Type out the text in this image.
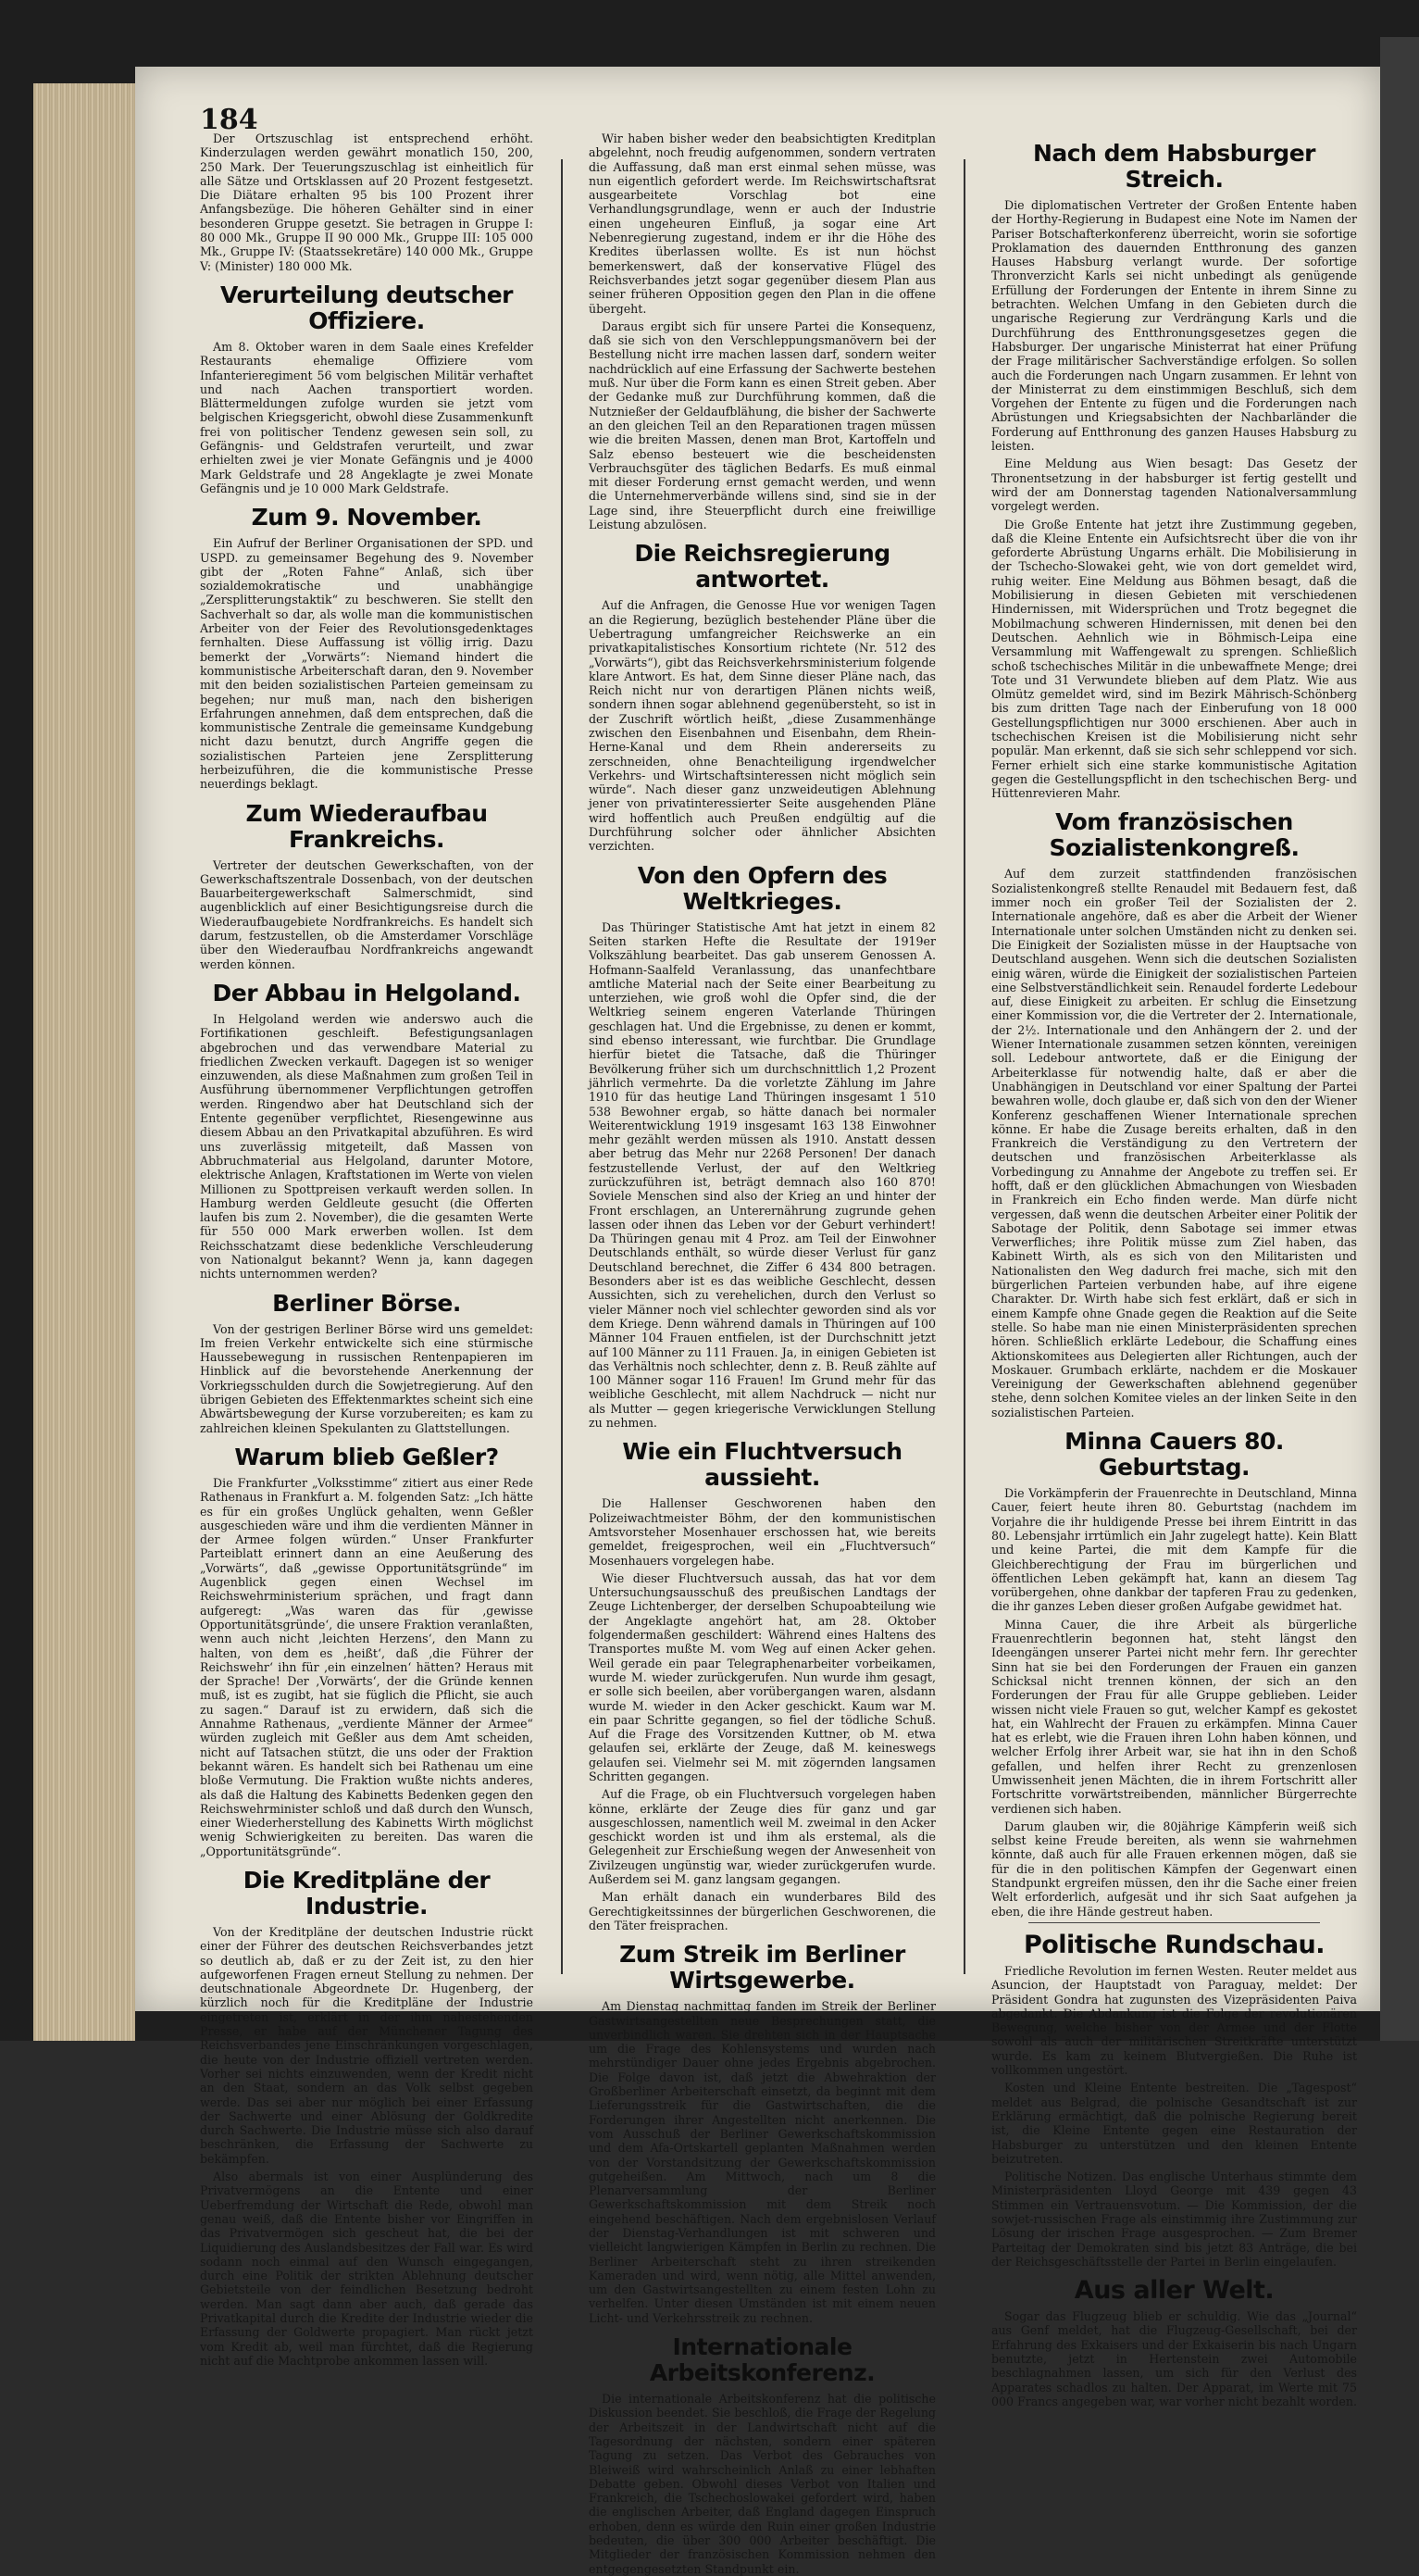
184

Der Ortszuschlag ist entsprechend erhöht. Kinderzulagen werden gewährt monatlich 150, 200, 250 Mark. Der Teuerungszuschlag ist einheitlich für alle Sätze und Ortsklassen auf 20 Prozent festgesetzt. Die Diätare erhalten 95 bis 100 Prozent ihrer Anfangsbezüge. Die höheren Gehälter sind in einer besonderen Gruppe gesetzt. Sie betragen in Gruppe I: 80 000 Mk., Gruppe II 90 000 Mk., Gruppe III: 105 000 Mk., Gruppe IV: (Staatssekretäre) 140 000 Mk., Gruppe V: (Minister) 180 000 Mk.

Verurteilung deutscher Offiziere.

Am 8. Oktober waren in dem Saale eines Krefelder Restaurants ehemalige Offiziere vom Infanterieregiment 56 vom belgischen Militär verhaftet und nach Aachen transportiert worden. Blättermeldungen zufolge wurden sie jetzt vom belgischen Kriegsgericht, obwohl diese Zusammenkunft frei von politischer Tendenz gewesen sein soll, zu Gefängnis- und Geldstrafen verurteilt, und zwar erhielten zwei je vier Monate Gefängnis und je 4000 Mark Geldstrafe und 28 Angeklagte je zwei Monate Gefängnis und je 10 000 Mark Geldstrafe.

Zum 9. November.

Ein Aufruf der Berliner Organisationen der SPD. und USPD. zu gemeinsamer Begehung des 9. November gibt der „Roten Fahne“ Anlaß, sich über sozialdemokratische und unabhängige „Zersplitterungstaktik“ zu beschweren. Sie stellt den Sachverhalt so dar, als wolle man die kommunistischen Arbeiter von der Feier des Revolutionsgedenktages fernhalten. Diese Auffassung ist völlig irrig. Dazu bemerkt der „Vorwärts“: Niemand hindert die kommunistische Arbeiterschaft daran, den 9. November mit den beiden sozialistischen Parteien gemeinsam zu begehen; nur muß man, nach den bisherigen Erfahrungen annehmen, daß dem entsprechen, daß die kommunistische Zentrale die gemeinsame Kundgebung nicht dazu benutzt, durch Angriffe gegen die sozialistischen Parteien jene Zersplitterung herbeizuführen, die die kommunistische Presse neuerdings beklagt.

Zum Wiederaufbau Frankreichs.

Vertreter der deutschen Gewerkschaften, von der Gewerkschaftszentrale Dossenbach, von der deutschen Bauarbeitergewerkschaft Salmerschmidt, sind augenblicklich auf einer Besichtigungsreise durch die Wiederaufbaugebiete Nordfrankreichs. Es handelt sich darum, festzustellen, ob die Amsterdamer Vorschläge über den Wiederaufbau Nordfrankreichs angewandt werden können.

Der Abbau in Helgoland.

In Helgoland werden wie anderswo auch die Fortifikationen geschleift. Befestigungsanlagen abgebrochen und das verwendbare Material zu friedlichen Zwecken verkauft. Dagegen ist so weniger einzuwenden, als diese Maßnahmen zum großen Teil in Ausführung übernommener Verpflichtungen getroffen werden. Ringendwo aber hat Deutschland sich der Entente gegenüber verpflichtet, Riesengewinne aus diesem Abbau an den Privatkapital abzuführen. Es wird uns zuverlässig mitgeteilt, daß Massen von Abbruchmaterial aus Helgoland, darunter Motore, elektrische Anlagen, Kraftstationen im Werte von vielen Millionen zu Spottpreisen verkauft werden sollen. In Hamburg werden Geldleute gesucht (die Offerten laufen bis zum 2. November), die die gesamten Werte für 550 000 Mark erwerben wollen. Ist dem Reichsschatzamt diese bedenkliche Verschleuderung von Nationalgut bekannt? Wenn ja, kann dagegen nichts unternommen werden?

Berliner Börse.

Von der gestrigen Berliner Börse wird uns gemeldet: Im freien Verkehr entwickelte sich eine stürmische Haussebewegung in russischen Rentenpapieren im Hinblick auf die bevorstehende Anerkennung der Vorkriegsschulden durch die Sowjetregierung. Auf den übrigen Gebieten des Effektenmarktes scheint sich eine Abwärtsbewegung der Kurse vorzubereiten; es kam zu zahlreichen kleinen Spekulanten zu Glattstellungen.

Warum blieb Geßler?

Die Frankfurter „Volksstimme“ zitiert aus einer Rede Rathenaus in Frankfurt a. M. folgenden Satz: „Ich hätte es für ein großes Unglück gehalten, wenn Geßler ausgeschieden wäre und ihm die verdienten Männer in der Armee folgen würden.“ Unser Frankfurter Parteiblatt erinnert dann an eine Aeußerung des „Vorwärts“, daß „gewisse Opportunitätsgründe“ im Augenblick gegen einen Wechsel im Reichswehrministerium sprächen, und fragt dann aufgeregt: „Was waren das für ‚gewisse Opportunitätsgründe‘, die unsere Fraktion veranlaßten, wenn auch nicht ‚leichten Herzens‘, den Mann zu halten, von dem es ‚heißt‘, daß ‚die Führer der Reichswehr‘ ihn für ‚ein einzelnen‘ hätten? Heraus mit der Sprache! Der ‚Vorwärts‘, der die Gründe kennen muß, ist es zugibt, hat sie füglich die Pflicht, sie auch zu sagen.“ Darauf ist zu erwidern, daß sich die Annahme Rathenaus, „verdiente Männer der Armee“ würden zugleich mit Geßler aus dem Amt scheiden, nicht auf Tatsachen stützt, die uns oder der Fraktion bekannt wären. Es handelt sich bei Rathenau um eine bloße Vermutung. Die Fraktion wußte nichts anderes, als daß die Haltung des Kabinetts Bedenken gegen den Reichswehrminister schloß und daß durch den Wunsch, einer Wiederherstellung des Kabinetts Wirth möglichst wenig Schwierigkeiten zu bereiten. Das waren die „Opportunitätsgründe“.

Die Kreditpläne der Industrie.

Von der Kreditpläne der deutschen Industrie rückt einer der Führer des deutschen Reichsverbandes jetzt so deutlich ab, daß er zu der Zeit ist, zu den hier aufgeworfenen Fragen erneut Stellung zu nehmen. Der deutschnationale Abgeordnete Dr. Hugenberg, der kürzlich noch für die Kreditpläne der Industrie eingetreten ist, erklärt in der ihm nahestehenden Presse, er habe auf der Münchener Tagung des Reichsverbandes jene Einschränkungen vorgeschlagen, die heute von der Industrie offiziell vertreten werden. Vorher sei nichts einzuwenden, wenn der Kredit nicht an den Staat, sondern an das Volk selbst gegeben werde. Das sei aber nur möglich bei einer Erfassung der Sachwerte und einer Ablösung der Goldkredite durch Sachwerte. Die Industrie müsse sich also darauf beschränken, die Erfassung der Sachwerte zu bekämpfen.

Also abermals ist von einer Ausplünderung des Privatvermögens an die Entente und einer Ueberfremdung der Wirtschaft die Rede, obwohl man genau weiß, daß die Entente bisher vor Eingriffen in das Privatvermögen sich gescheut hat, die bei der Liquidierung des Auslandsbesitzes der Fall war. Es wird sodann noch einmal auf den Wunsch eingegangen, durch eine Politik der strikten Ablehnung deutscher Gebietsteile von der feindlichen Besetzung bedroht werden. Man sagt dann aber auch, daß gerade das Privatkapital durch die Kredite der Industrie wieder die Erfassung der Goldwerte propagiert. Man rückt jetzt vom Kredit ab, weil man fürchtet, daß die Regierung nicht auf die Machtprobe ankommen lassen will.

Wir haben bisher weder den beabsichtigten Kreditplan abgelehnt, noch freudig aufgenommen, sondern vertraten die Auffassung, daß man erst einmal sehen müsse, was nun eigentlich gefordert werde. Im Reichswirtschaftsrat ausgearbeitete Vorschlag bot eine Verhandlungsgrundlage, wenn er auch der Industrie einen ungeheuren Einfluß, ja sogar eine Art Nebenregierung zugestand, indem er ihr die Höhe des Kredites überlassen wollte. Es ist nun höchst bemerkenswert, daß der konservative Flügel des Reichsverbandes jetzt sogar gegenüber diesem Plan aus seiner früheren Opposition gegen den Plan in die offene übergeht.

Daraus ergibt sich für unsere Partei die Konsequenz, daß sie sich von den Verschleppungsmanövern bei der Bestellung nicht irre machen lassen darf, sondern weiter nachdrücklich auf eine Erfassung der Sachwerte bestehen muß. Nur über die Form kann es einen Streit geben. Aber der Gedanke muß zur Durchführung kommen, daß die Nutznießer der Geldaufblähung, die bisher der Sachwerte an den gleichen Teil an den Reparationen tragen müssen wie die breiten Massen, denen man Brot, Kartoffeln und Salz ebenso besteuert wie die bescheidensten Verbrauchsgüter des täglichen Bedarfs. Es muß einmal mit dieser Forderung ernst gemacht werden, und wenn die Unternehmerverbände willens sind, sind sie in der Lage sind, ihre Steuerpflicht durch eine freiwillige Leistung abzulösen.

Die Reichsregierung antwortet.

Auf die Anfragen, die Genosse Hue vor wenigen Tagen an die Regierung, bezüglich bestehender Pläne über die Uebertragung umfangreicher Reichswerke an ein privatkapitalistisches Konsortium richtete (Nr. 512 des „Vorwärts“), gibt das Reichsverkehrsministerium folgende klare Antwort. Es hat, dem Sinne dieser Pläne nach, das Reich nicht nur von derartigen Plänen nichts weiß, sondern ihnen sogar ablehnend gegenübersteht, so ist in der Zuschrift wörtlich heißt, „diese Zusammenhänge zwischen den Eisenbahnen und Eisenbahn, dem Rhein-Herne-Kanal und dem Rhein andererseits zu zerschneiden, ohne Benachteiligung irgendwelcher Verkehrs- und Wirtschaftsinteressen nicht möglich sein würde“. Nach dieser ganz unzweideutigen Ablehnung jener von privatinteressierter Seite ausgehenden Pläne wird hoffentlich auch Preußen endgültig auf die Durchführung solcher oder ähnlicher Absichten verzichten.

Von den Opfern des Weltkrieges.

Das Thüringer Statistische Amt hat jetzt in einem 82 Seiten starken Hefte die Resultate der 1919er Volkszählung bearbeitet. Das gab unserem Genossen A. Hofmann-Saalfeld Veranlassung, das unanfechtbare amtliche Material nach der Seite einer Bearbeitung zu unterziehen, wie groß wohl die Opfer sind, die der Weltkrieg seinem engeren Vaterlande Thüringen geschlagen hat. Und die Ergebnisse, zu denen er kommt, sind ebenso interessant, wie furchtbar. Die Grundlage hierfür bietet die Tatsache, daß die Thüringer Bevölkerung früher sich um durchschnittlich 1,2 Prozent jährlich vermehrte. Da die vorletzte Zählung im Jahre 1910 für das heutige Land Thüringen insgesamt 1 510 538 Bewohner ergab, so hätte danach bei normaler Weiterentwicklung 1919 insgesamt 163 138 Einwohner mehr gezählt werden müssen als 1910. Anstatt dessen aber betrug das Mehr nur 2268 Personen! Der danach festzustellende Verlust, der auf den Weltkrieg zurückzuführen ist, beträgt demnach also 160 870! Soviele Menschen sind also der Krieg an und hinter der Front erschlagen, an Unterernährung zugrunde gehen lassen oder ihnen das Leben vor der Geburt verhindert! Da Thüringen genau mit 4 Proz. am Teil der Einwohner Deutschlands enthält, so würde dieser Verlust für ganz Deutschland berechnet, die Ziffer 6 434 800 betragen. Besonders aber ist es das weibliche Geschlecht, dessen Aussichten, sich zu verehelichen, durch den Verlust so vieler Männer noch viel schlechter geworden sind als vor dem Kriege. Denn während damals in Thüringen auf 100 Männer 104 Frauen entfielen, ist der Durchschnitt jetzt auf 100 Männer zu 111 Frauen. Ja, in einigen Gebieten ist das Verhältnis noch schlechter, denn z. B. Reuß zählte auf 100 Männer sogar 116 Frauen! Im Grund mehr für das weibliche Geschlecht, mit allem Nachdruck — nicht nur als Mutter — gegen kriegerische Verwicklungen Stellung zu nehmen.

Wie ein Fluchtversuch aussieht.

Die Hallenser Geschworenen haben den Polizeiwachtmeister Böhm, der den kommunistischen Amtsvorsteher Mosenhauer erschossen hat, wie bereits gemeldet, freigesprochen, weil ein „Fluchtversuch“ Mosenhauers vorgelegen habe.

Wie dieser Fluchtversuch aussah, das hat vor dem Untersuchungsausschuß des preußischen Landtags der Zeuge Lichtenberger, der derselben Schupoabteilung wie der Angeklagte angehört hat, am 28. Oktober folgendermaßen geschildert: Während eines Haltens des Transportes mußte M. vom Weg auf einen Acker gehen. Weil gerade ein paar Telegraphenarbeiter vorbeikamen, wurde M. wieder zurückgerufen. Nun wurde ihm gesagt, er solle sich beeilen, aber vorübergangen waren, alsdann wurde M. wieder in den Acker geschickt. Kaum war M. ein paar Schritte gegangen, so fiel der tödliche Schuß. Auf die Frage des Vorsitzenden Kuttner, ob M. etwa gelaufen sei, erklärte der Zeuge, daß M. keineswegs gelaufen sei. Vielmehr sei M. mit zögernden langsamen Schritten gegangen.

Auf die Frage, ob ein Fluchtversuch vorgelegen haben könne, erklärte der Zeuge dies für ganz und gar ausgeschlossen, namentlich weil M. zweimal in den Acker geschickt worden ist und ihm als erstemal, als die Gelegenheit zur Erschießung wegen der Anwesenheit von Zivilzeugen ungünstig war, wieder zurückgerufen wurde. Außerdem sei M. ganz langsam gegangen.

Man erhält danach ein wunderbares Bild des Gerechtigkeitssinnes der bürgerlichen Geschworenen, die den Täter freisprachen.

Zum Streik im Berliner Wirtsgewerbe.

Am Dienstag nachmittag fanden im Streik der Berliner Gastwirtsangestellten neue Besprechungen statt, die unverbindlich waren. Sie drehten sich in der Hauptsache um die Frage des Kohlensystems und wurden nach mehrstündiger Dauer ohne jedes Ergebnis abgebrochen. Die Folge davon ist, daß jetzt die Abwehraktion der Großberliner Arbeiterschaft einsetzt, da beginnt mit dem Lieferungsstreik für die Gastwirtschaften, die die Forderungen ihrer Angestellten nicht anerkennen. Die vom Ausschuß der Berliner Gewerkschaftskommission und dem Afa-Ortskartell geplanten Maßnahmen werden von der Vorstandsitzung der Gewerkschaftskommission gutgeheißen. Am Mittwoch, nach um 8 die Plenarversammlung der Berliner Gewerkschaftskommission mit dem Streik noch eingehend beschäftigen. Nach dem ergebnislosen Verlauf der Dienstag-Verhandlungen ist mit schweren und vielleicht langwierigen Kämpfen in Berlin zu rechnen. Die Berliner Arbeiterschaft steht zu ihren streikenden Kameraden und wird, wenn nötig, alle Mittel anwenden, um den Gastwirtsangestellten zu einem festen Lohn zu verhelfen. Unter diesen Umständen ist mit einem neuen Licht- und Verkehrsstreik zu rechnen.

Internationale Arbeitskonferenz.

Die internationale Arbeitskonferenz hat die politische Diskussion beendet. Sie beschloß, die Frage der Regelung der Arbeitszeit in der Landwirtschaft nicht auf die Tagesordnung der nächsten, sondern einer späteren Tagung zu setzen. Das Verbot des Gebrauches von Bleiweiß wird wahrscheinlich Anlaß zu einer lebhaften Debatte geben. Obwohl dieses Verbot von Italien und Frankreich, die Tschechoslowakei gefordert wird, haben die englischen Arbeiter, daß England dagegen Einspruch erhoben, denn es würde den Ruin einer großen Industrie bedeuten, die über 300 000 Arbeiter beschäftigt. Die Mitglieder der französischen Kommission nehmen den entgegengesetzten Standpunkt ein.

Nach dem Habsburger Streich.

Die diplomatischen Vertreter der Großen Entente haben der Horthy-Regierung in Budapest eine Note im Namen der Pariser Botschafterkonferenz überreicht, worin sie sofortige Proklamation des dauernden Entthronung des ganzen Hauses Habsburg verlangt wurde. Der sofortige Thronverzicht Karls sei nicht unbedingt als genügende Erfüllung der Forderungen der Entente in ihrem Sinne zu betrachten. Welchen Umfang in den Gebieten durch die ungarische Regierung zur Verdrängung Karls und die Durchführung des Entthronungsgesetzes gegen die Habsburger. Der ungarische Ministerrat hat einer Prüfung der Frage militärischer Sachverständige erfolgen. So sollen auch die Forderungen nach Ungarn zusammen. Er lehnt von der Ministerrat zu dem einstimmigen Beschluß, sich dem Vorgehen der Entente zu fügen und die Forderungen nach Abrüstungen und Kriegsabsichten der Nachbarländer die Forderung auf Entthronung des ganzen Hauses Habsburg zu leisten.

Eine Meldung aus Wien besagt: Das Gesetz der Thronentsetzung in der habsburger ist fertig gestellt und wird der am Donnerstag tagenden Nationalversammlung vorgelegt werden.

Die Große Entente hat jetzt ihre Zustimmung gegeben, daß die Kleine Entente ein Aufsichtsrecht über die von ihr geforderte Abrüstung Ungarns erhält. Die Mobilisierung in der Tschecho-Slowakei geht, wie von dort gemeldet wird, ruhig weiter. Eine Meldung aus Böhmen besagt, daß die Mobilisierung in diesen Gebieten mit verschiedenen Hindernissen, mit Widersprüchen und Trotz begegnet die Mobilmachung schweren Hindernissen, mit denen bei den Deutschen. Aehnlich wie in Böhmisch-Leipa eine Versammlung mit Waffengewalt zu sprengen. Schließlich schoß tschechisches Militär in die unbewaffnete Menge; drei Tote und 31 Verwundete blieben auf dem Platz. Wie aus Olmütz gemeldet wird, sind im Bezirk Mährisch-Schönberg bis zum dritten Tage nach der Einberufung von 18 000 Gestellungspflichtigen nur 3000 erschienen. Aber auch in tschechischen Kreisen ist die Mobilisierung nicht sehr populär. Man erkennt, daß sie sich sehr schleppend vor sich. Ferner erhielt sich eine starke kommunistische Agitation gegen die Gestellungspflicht in den tschechischen Berg- und Hüttenrevieren Mahr.

Vom französischen Sozialistenkongreß.

Auf dem zurzeit stattfindenden französischen Sozialistenkongreß stellte Renaudel mit Bedauern fest, daß immer noch ein großer Teil der Sozialisten der 2. Internationale angehöre, daß es aber die Arbeit der Wiener Internationale unter solchen Umständen nicht zu denken sei. Die Einigkeit der Sozialisten müsse in der Hauptsache von Deutschland ausgehen. Wenn sich die deutschen Sozialisten einig wären, würde die Einigkeit der sozialistischen Parteien eine Selbstverständlichkeit sein. Renaudel forderte Ledebour auf, diese Einigkeit zu arbeiten. Er schlug die Einsetzung einer Kommission vor, die die Vertreter der 2. Internationale, der 2½. Internationale und den Anhängern der 2. und der Wiener Internationale zusammen setzen könnten, vereinigen soll. Ledebour antwortete, daß er die Einigung der Arbeiterklasse für notwendig halte, daß er aber die Unabhängigen in Deutschland vor einer Spaltung der Partei bewahren wolle, doch glaube er, daß sich von den der Wiener Konferenz geschaffenen Wiener Internationale sprechen könne. Er habe die Zusage bereits erhalten, daß in den Frankreich die Verständigung zu den Vertretern der deutschen und französischen Arbeiterklasse als Vorbedingung zu Annahme der Angebote zu treffen sei. Er hofft, daß er den glücklichen Abmachungen von Wiesbaden in Frankreich ein Echo finden werde. Man dürfe nicht vergessen, daß wenn die deutschen Arbeiter einer Politik der Sabotage der Politik, denn Sabotage sei immer etwas Verwerfliches; ihre Politik müsse zum Ziel haben, das Kabinett Wirth, als es sich von den Militaristen und Nationalisten den Weg dadurch frei mache, sich mit den bürgerlichen Parteien verbunden habe, auf ihre eigene Charakter. Dr. Wirth habe sich fest erklärt, daß er sich in einem Kampfe ohne Gnade gegen die Reaktion auf die Seite stelle. So habe man nie einen Ministerpräsidenten sprechen hören. Schließlich erklärte Ledebour, die Schaffung eines Aktionskomitees aus Delegierten aller Richtungen, auch der Moskauer. Grumbach erklärte, nachdem er die Moskauer Vereinigung der Gewerkschaften ablehnend gegenüber stehe, denn solchen Komitee vieles an der linken Seite in den sozialistischen Parteien.

Minna Cauers 80. Geburtstag.

Die Vorkämpferin der Frauenrechte in Deutschland, Minna Cauer, feiert heute ihren 80. Geburtstag (nachdem im Vorjahre die ihr huldigende Presse bei ihrem Eintritt in das 80. Lebensjahr irrtümlich ein Jahr zugelegt hatte). Kein Blatt und keine Partei, die mit dem Kampfe für die Gleichberechtigung der Frau im bürgerlichen und öffentlichen Leben gekämpft hat, kann an diesem Tag vorübergehen, ohne dankbar der tapferen Frau zu gedenken, die ihr ganzes Leben dieser großen Aufgabe gewidmet hat.

Minna Cauer, die ihre Arbeit als bürgerliche Frauenrechtlerin begonnen hat, steht längst den Ideengängen unserer Partei nicht mehr fern. Ihr gerechter Sinn hat sie bei den Forderungen der Frauen ein ganzen Schicksal nicht trennen können, der sich an den Forderungen der Frau für alle Gruppe geblieben. Leider wissen nicht viele Frauen so gut, welcher Kampf es gekostet hat, ein Wahlrecht der Frauen zu erkämpfen. Minna Cauer hat es erlebt, wie die Frauen ihren Lohn haben können, und welcher Erfolg ihrer Arbeit war, sie hat ihn in den Schoß gefallen, und helfen ihrer Recht zu grenzenlosen Umwissenheit jenen Mächten, die in ihrem Fortschritt aller Fortschritte vorwärtstreibenden, männlicher Bürgerrechte verdienen sich haben.

Darum glauben wir, die 80jährige Kämpferin weiß sich selbst keine Freude bereiten, als wenn sie wahrnehmen könnte, daß auch für alle Frauen erkennen mögen, daß sie für die in den politischen Kämpfen der Gegenwart einen Standpunkt ergreifen müssen, den ihr die Sache einer freien Welt erforderlich, aufgesät und ihr sich Saat aufgehen ja eben, die ihre Hände gestreut haben.

Politische Rundschau.

Friedliche Revolution im fernen Westen. Reuter meldet aus Asuncion, der Hauptstadt von Paraguay, meldet: Der Präsident Gondra hat zugunsten des Vizepräsidenten Paiva abgedankt. Die Abdankung ist die Folge der revolutionären Bewegung, welche bisher von der Armee und der Flotte sowohl als auch der militärischen Streitkräfte unterstützt wurde. Es kam zu keinem Blutvergießen. Die Ruhe ist vollkommen ungestört.

Kosten und Kleine Entente bestreiten. Die „Tagespost“ meldet aus Belgrad, die polnische Gesandtschaft ist zur Erklärung ermächtigt, daß die polnische Regierung bereit ist, die Kleine Entente gegen eine Restauration der Habsburger zu unterstützen und den kleinen Entente beizutreten.

Politische Notizen. Das englische Unterhaus stimmte dem Ministerpräsidenten Lloyd George mit 439 gegen 43 Stimmen ein Vertrauensvotum. — Die Kommission, der die sowjet-russischen Frage als einstimmig ihre Zustimmung zur Lösung der irischen Frage ausgesprochen. — Zum Bremer Parteitag der Demokraten sind bis jetzt 83 Anträge, die bei der Reichsgeschäftsstelle der Partei in Berlin eingelaufen.

Aus aller Welt.

Sogar das Flugzeug blieb er schuldig. Wie das „Journal“ aus Genf meldet, hat die Flugzeug-Gesellschaft, bei der Erfahrung des Exkaisers und der Exkaiserin bis nach Ungarn benutzte, jetzt in Hertenstein zwei Automobile beschlagnahmen lassen, um sich für den Verlust des Apparates schadlos zu halten. Der Apparat, im Werte mit 75 000 Francs angegeben war, war vorher nicht bezahlt worden.
